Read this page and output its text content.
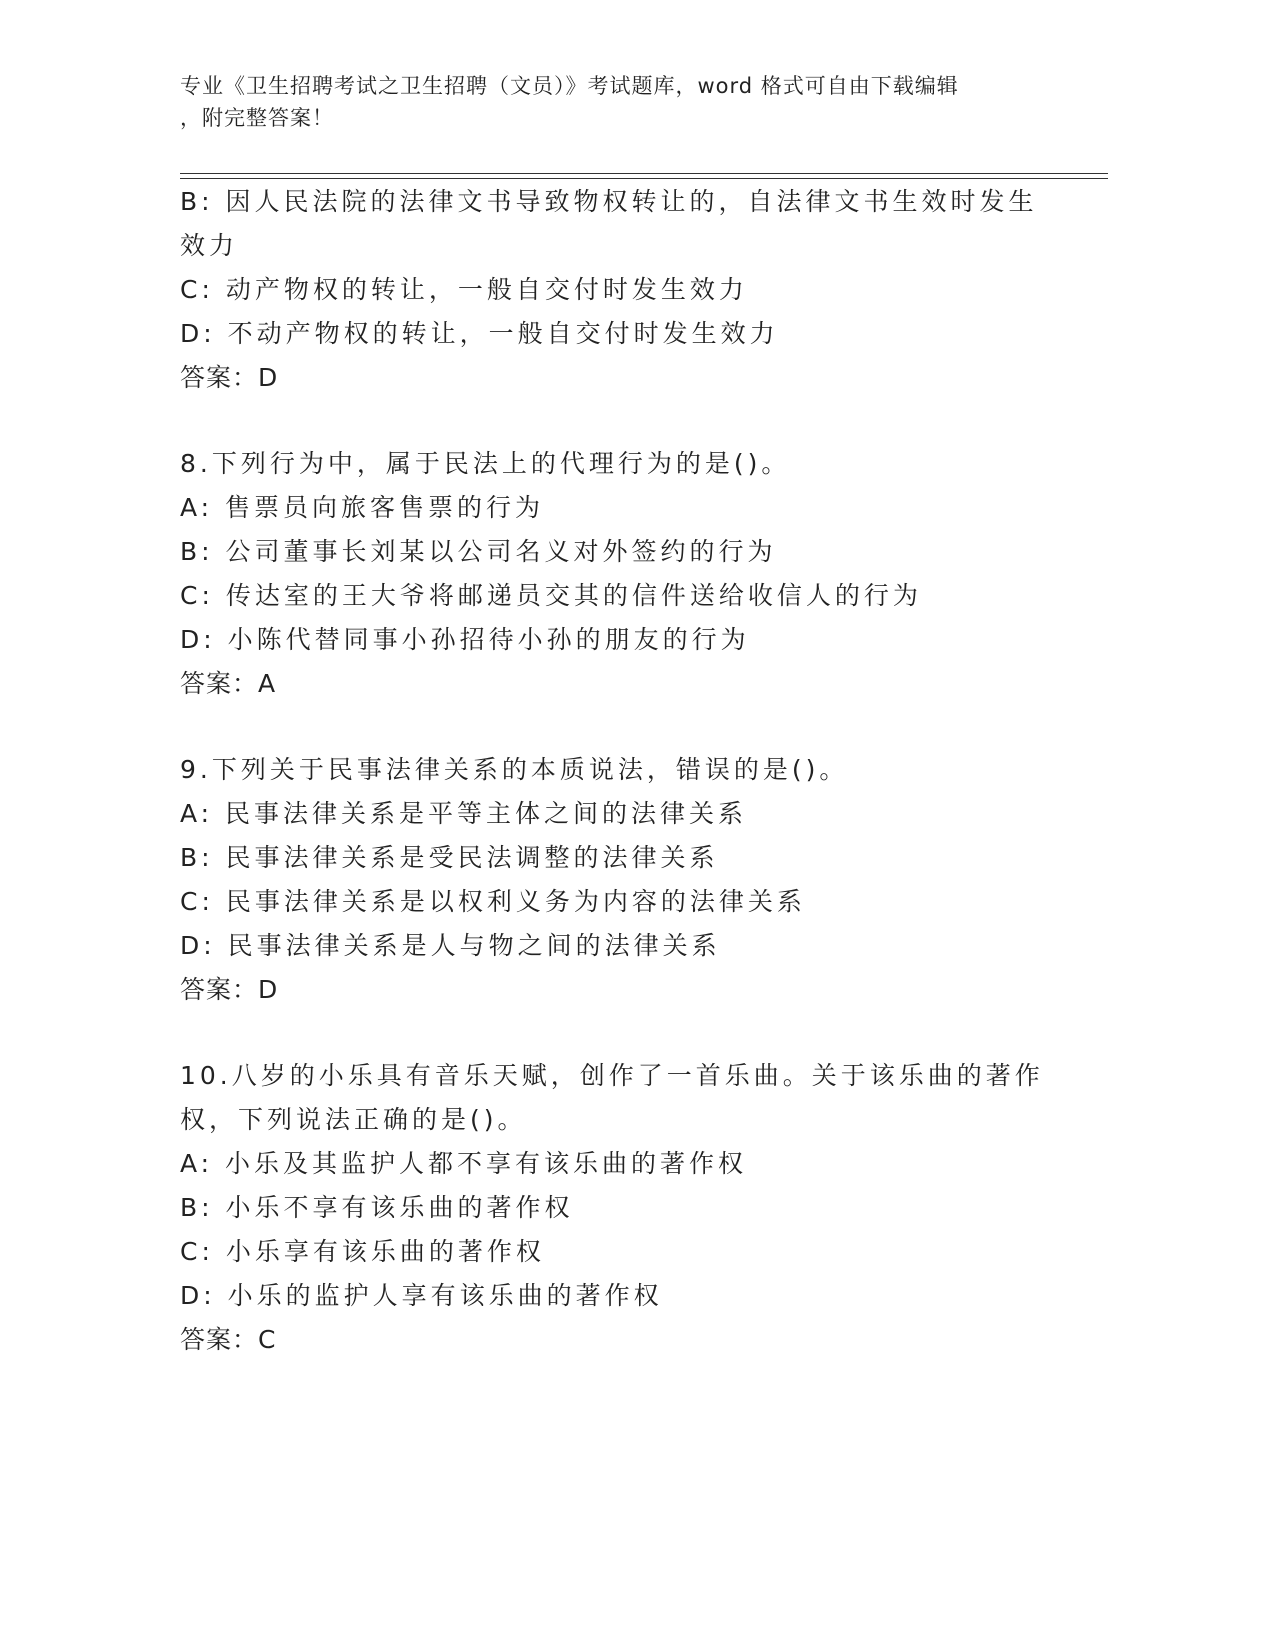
专业《卫生招聘考试之卫生招聘（文员）》考试题库，word 格式可自由下载编辑
，附完整答案！
B: 因人民法院的法律文书导致物权转让的，自法律文书生效时发生效力
C: 动产物权的转让，一般自交付时发生效力
D: 不动产物权的转让，一般自交付时发生效力
答案：D
8.下列行为中，属于民法上的代理行为的是()。
A: 售票员向旅客售票的行为
B: 公司董事长刘某以公司名义对外签约的行为
C: 传达室的王大爷将邮递员交其的信件送给收信人的行为
D: 小陈代替同事小孙招待小孙的朋友的行为
答案：A
9.下列关于民事法律关系的本质说法，错误的是()。
A: 民事法律关系是平等主体之间的法律关系
B: 民事法律关系是受民法调整的法律关系
C: 民事法律关系是以权利义务为内容的法律关系
D: 民事法律关系是人与物之间的法律关系
答案：D
10.八岁的小乐具有音乐天赋，创作了一首乐曲。关于该乐曲的著作权，下列说法正确的是()。
A: 小乐及其监护人都不享有该乐曲的著作权
B: 小乐不享有该乐曲的著作权
C: 小乐享有该乐曲的著作权
D: 小乐的监护人享有该乐曲的著作权
答案：C
